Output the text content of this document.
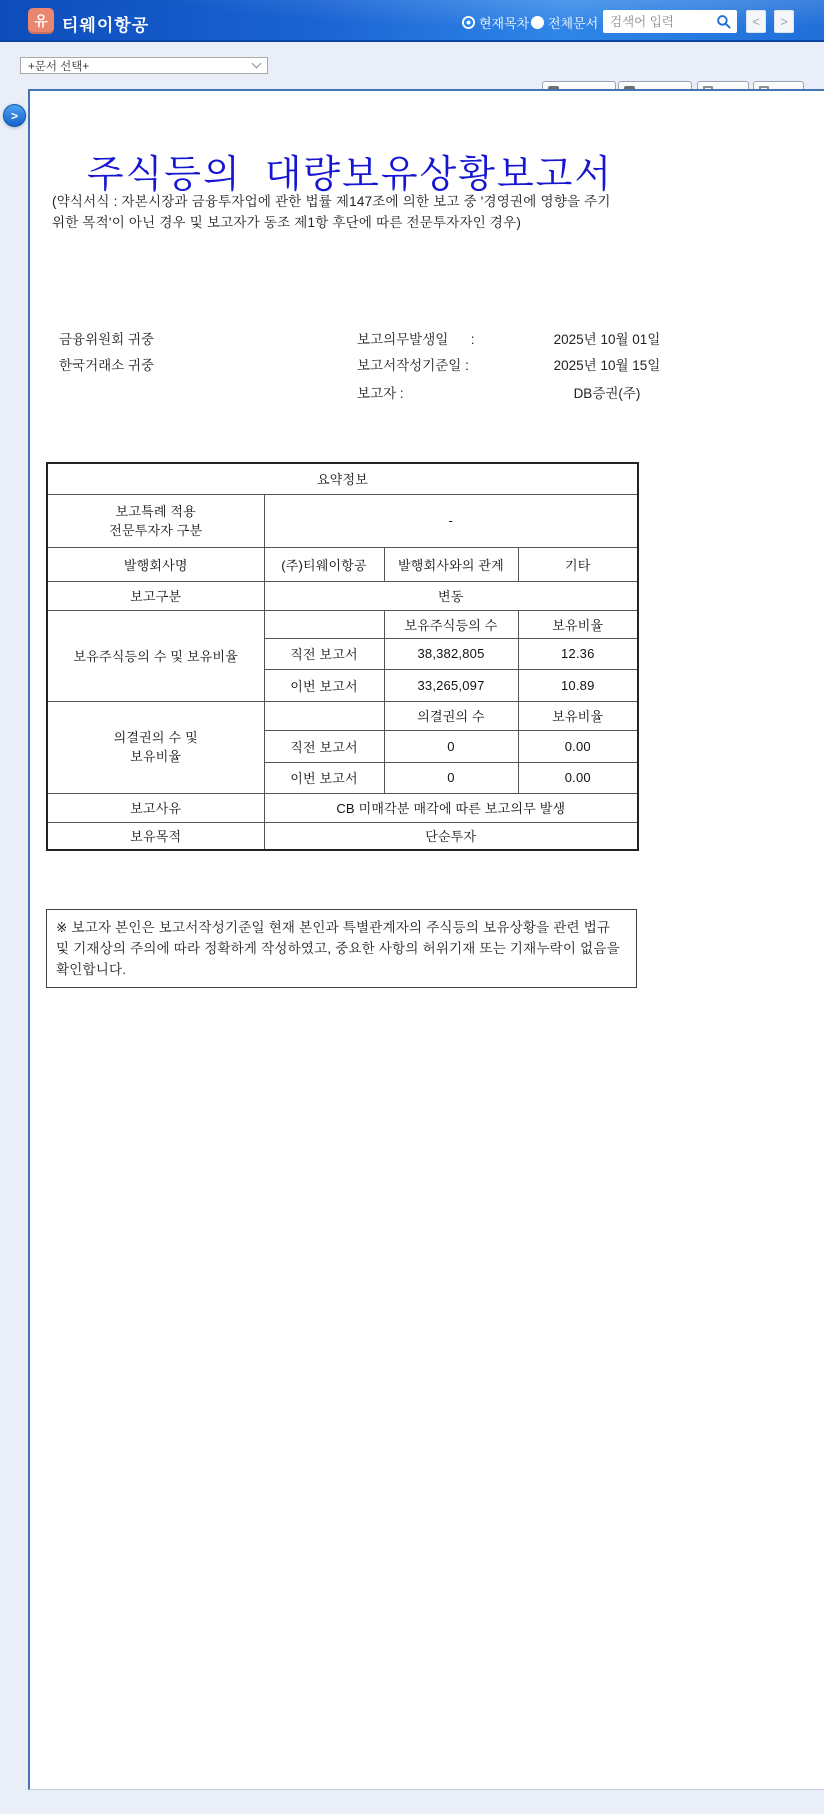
유 티웨이항공	현재목차 전체문서
검색어 입력	<	>
+문서 선택+
>
주식등의  대량보유상황보고서
(약식서식 : 자본시장과 금융투자업에 관한 법률 제147조에 의한 보고 중 '경영권에 영향을 주기 위한 목적'이 아닌 경우 및 보고자가 동조 제1항 후단에 따른 전문투자자인 경우)
금융위원회 귀중
한국거래소 귀중
보고의무발생일      :	2025년 10월 01일
보고서작성기준일 :	2025년 10월 15일
보고자 :	DB증권(주)
요약정보			

보고특례 적용
전문투자자 구분	-		
발행회사명	(주)티웨이항공	발행회사와의 관계	기타
보고구분	변동		
보유주식등의 수 및 보유비율		보유주식등의 수	보유비율
	직전 보고서	38,382,805	12.36
	이번 보고서	33,265,097	10.89

의결권의 수 및
보유비율		의결권의 수	보유비율
	직전 보고서	0	0.00
	이번 보고서	0	0.00
보고사유	CB 미매각분 매각에 따른 보고의무 발생		
보유목적	단순투자		
※ 보고자 본인은 보고서작성기준일 현재 본인과 특별관계자의 주식등의 보유상황을 관련 법규 및 기재상의 주의에 따라 정확하게 작성하였고, 중요한 사항의 허위기재 또는 기재누락이 없음을 확인합니다.
